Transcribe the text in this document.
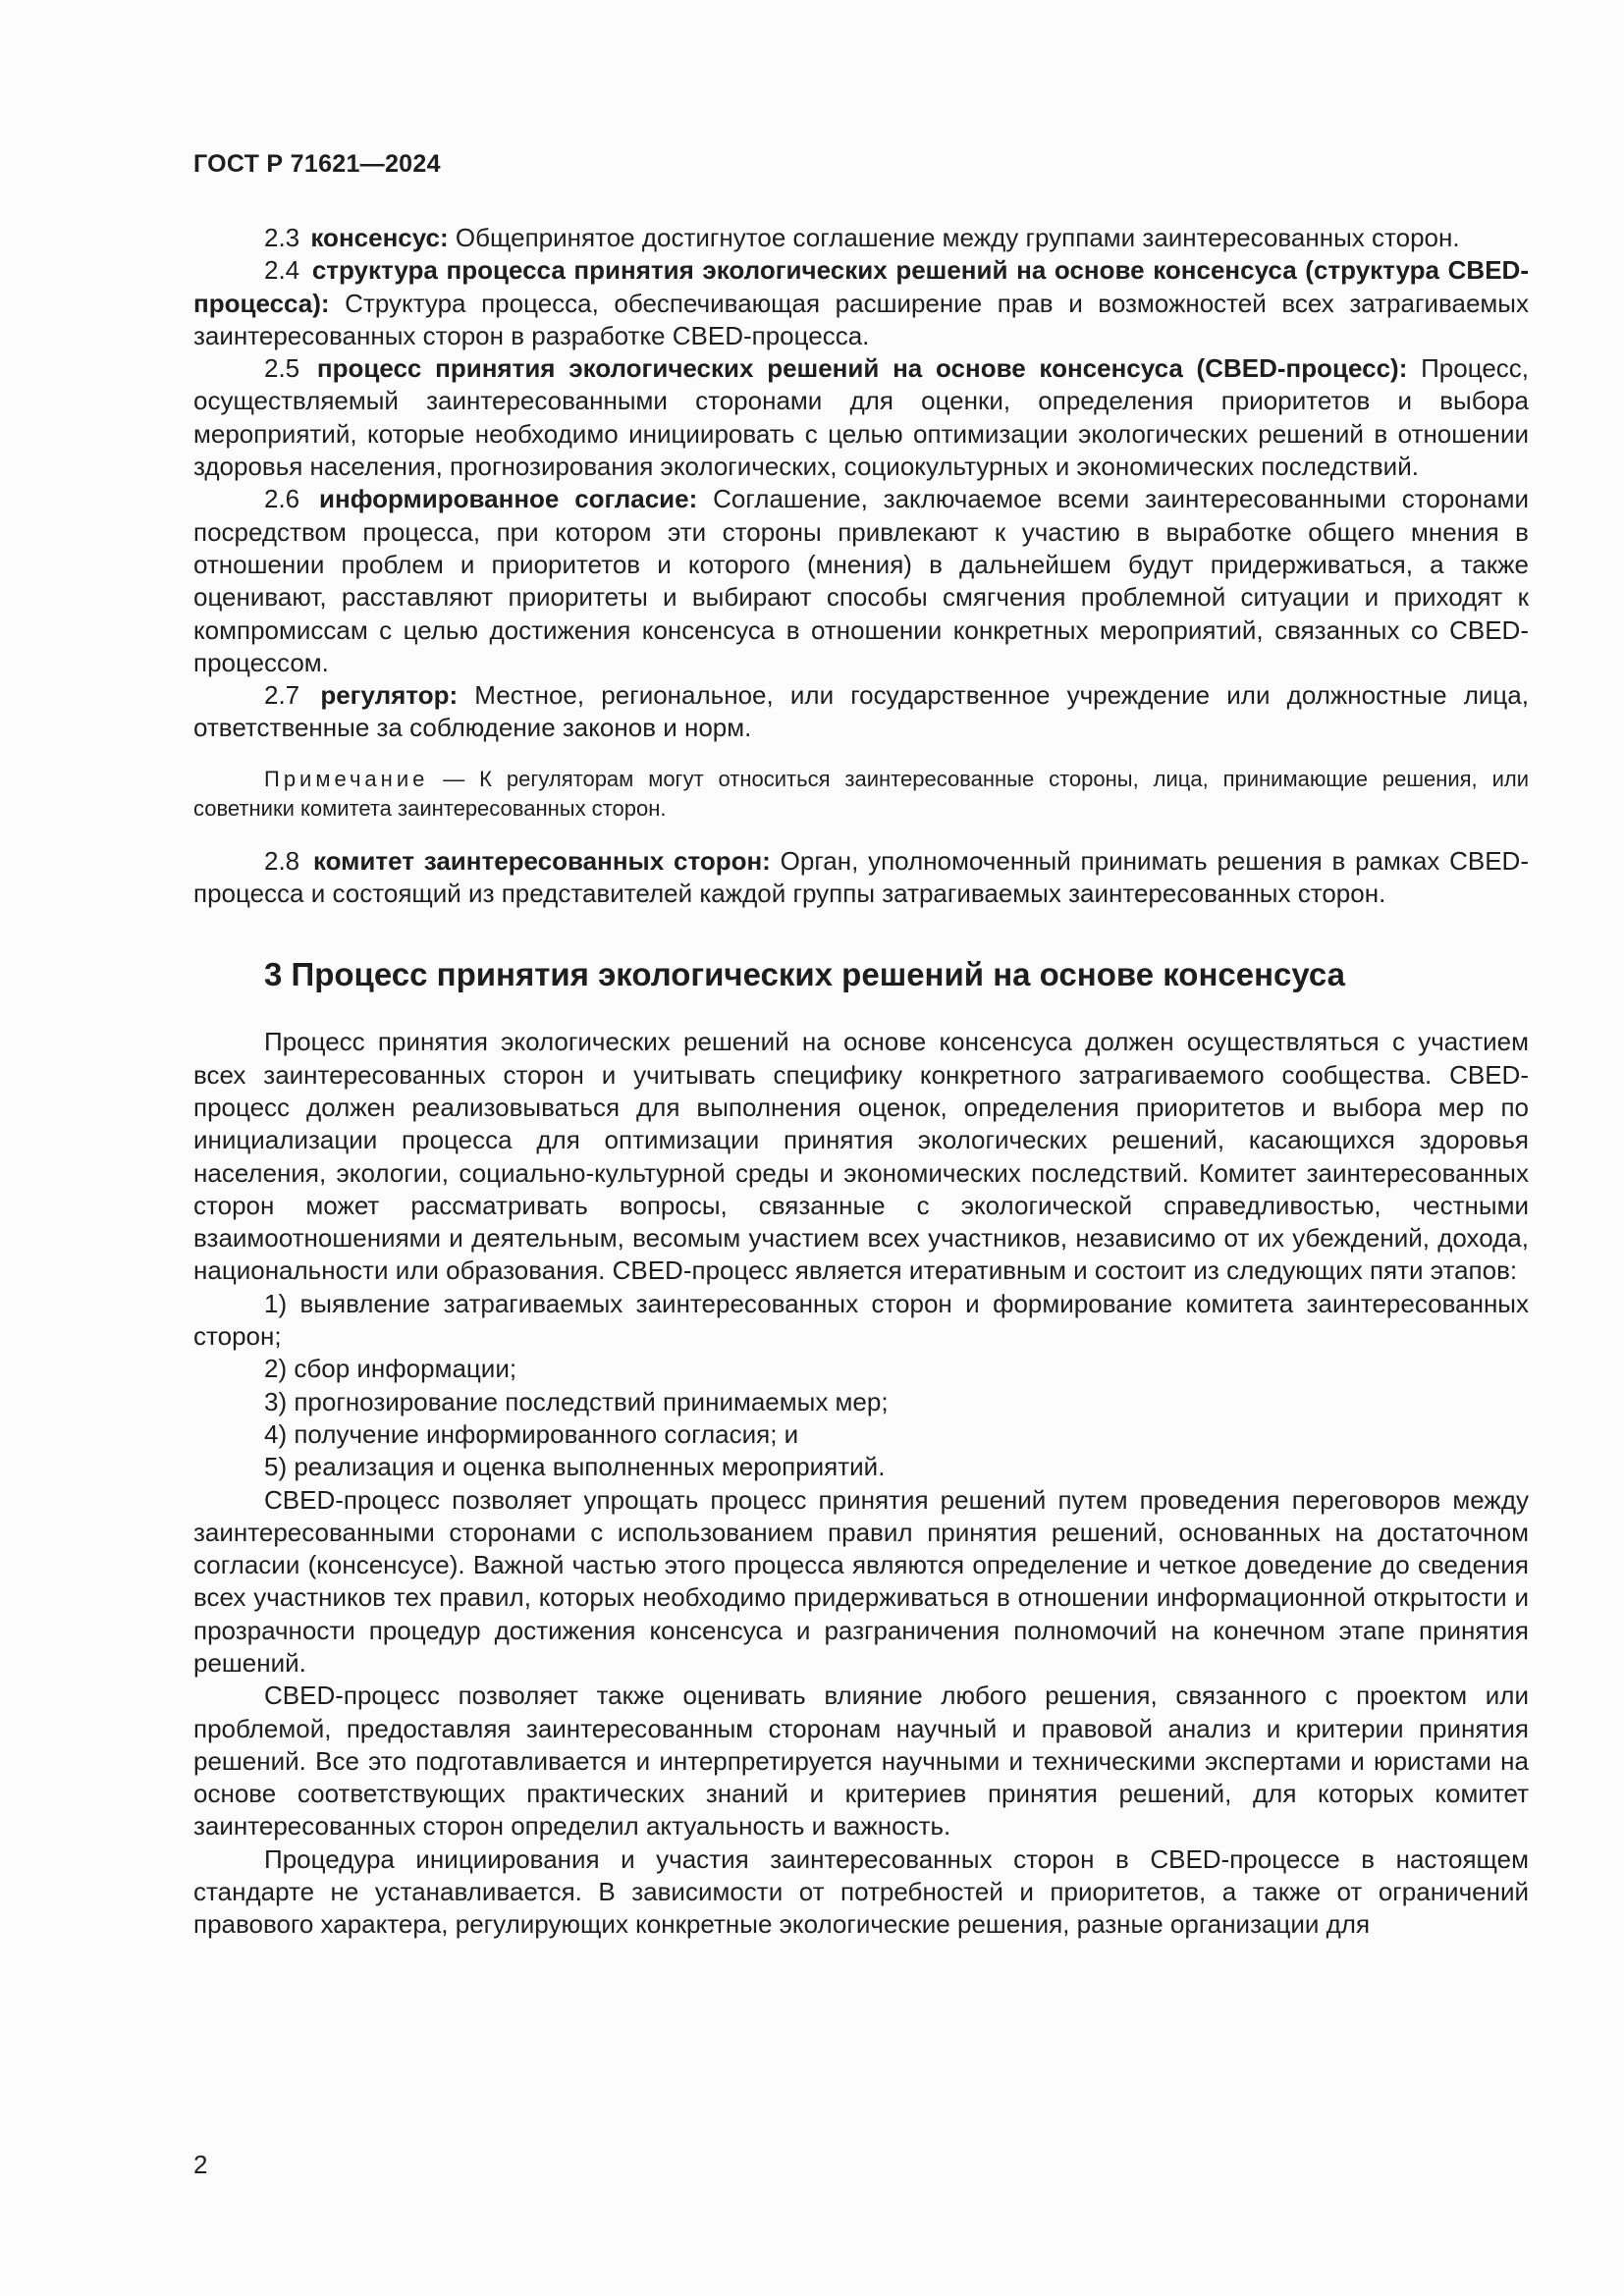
ГОСТ Р 71621—2024

2.3 консенсус: Общепринятое достигнутое соглашение между группами заинтересованных сторон.

2.4 структура процесса принятия экологических решений на основе консенсуса (структура CBED-процесса): Структура процесса, обеспечивающая расширение прав и возможностей всех затрагиваемых заинтересованных сторон в разработке CBED-процесса.

2.5 процесс принятия экологических решений на основе консенсуса (CBED-процесс): Процесс, осуществляемый заинтересованными сторонами для оценки, определения приоритетов и выбора мероприятий, которые необходимо инициировать с целью оптимизации экологических решений в отношении здоровья населения, прогнозирования экологических, социокультурных и экономических последствий.

2.6 информированное согласие: Соглашение, заключаемое всеми заинтересованными сторонами посредством процесса, при котором эти стороны привлекают к участию в выработке общего мнения в отношении проблем и приоритетов и которого (мнения) в дальнейшем будут придерживаться, а также оценивают, расставляют приоритеты и выбирают способы смягчения проблемной ситуации и приходят к компромиссам с целью достижения консенсуса в отношении конкретных мероприятий, связанных со CBED-процессом.

2.7 регулятор: Местное, региональное, или государственное учреждение или должностные лица, ответственные за соблюдение законов и норм.

Примечание — К регуляторам могут относиться заинтересованные стороны, лица, принимающие решения, или советники комитета заинтересованных сторон.

2.8 комитет заинтересованных сторон: Орган, уполномоченный принимать решения в рамках CBED-процесса и состоящий из представителей каждой группы затрагиваемых заинтересованных сторон.

3 Процесс принятия экологических решений на основе консенсуса

Процесс принятия экологических решений на основе консенсуса должен осуществляться с участием всех заинтересованных сторон и учитывать специфику конкретного затрагиваемого сообщества. CBED-процесс должен реализовываться для выполнения оценок, определения приоритетов и выбора мер по инициализации процесса для оптимизации принятия экологических решений, касающихся здоровья населения, экологии, социально-культурной среды и экономических последствий. Комитет заинтересованных сторон может рассматривать вопросы, связанные с экологической справедливостью, честными взаимоотношениями и деятельным, весомым участием всех участников, независимо от их убеждений, дохода, национальности или образования. CBED-процесс является итеративным и состоит из следующих пяти этапов:

1) выявление затрагиваемых заинтересованных сторон и формирование комитета заинтересованных сторон;

2) сбор информации;

3) прогнозирование последствий принимаемых мер;

4) получение информированного согласия; и

5) реализация и оценка выполненных мероприятий.

CBED-процесс позволяет упрощать процесс принятия решений путем проведения переговоров между заинтересованными сторонами с использованием правил принятия решений, основанных на достаточном согласии (консенсусе). Важной частью этого процесса являются определение и четкое доведение до сведения всех участников тех правил, которых необходимо придерживаться в отношении информационной открытости и прозрачности процедур достижения консенсуса и разграничения полномочий на конечном этапе принятия решений.

CBED-процесс позволяет также оценивать влияние любого решения, связанного с проектом или проблемой, предоставляя заинтересованным сторонам научный и правовой анализ и критерии принятия решений. Все это подготавливается и интерпретируется научными и техническими экспертами и юристами на основе соответствующих практических знаний и критериев принятия решений, для которых комитет заинтересованных сторон определил актуальность и важность.

Процедура инициирования и участия заинтересованных сторон в CBED-процессе в настоящем стандарте не устанавливается. В зависимости от потребностей и приоритетов, а также от ограничений правового характера, регулирующих конкретные экологические решения, разные организации для

2
